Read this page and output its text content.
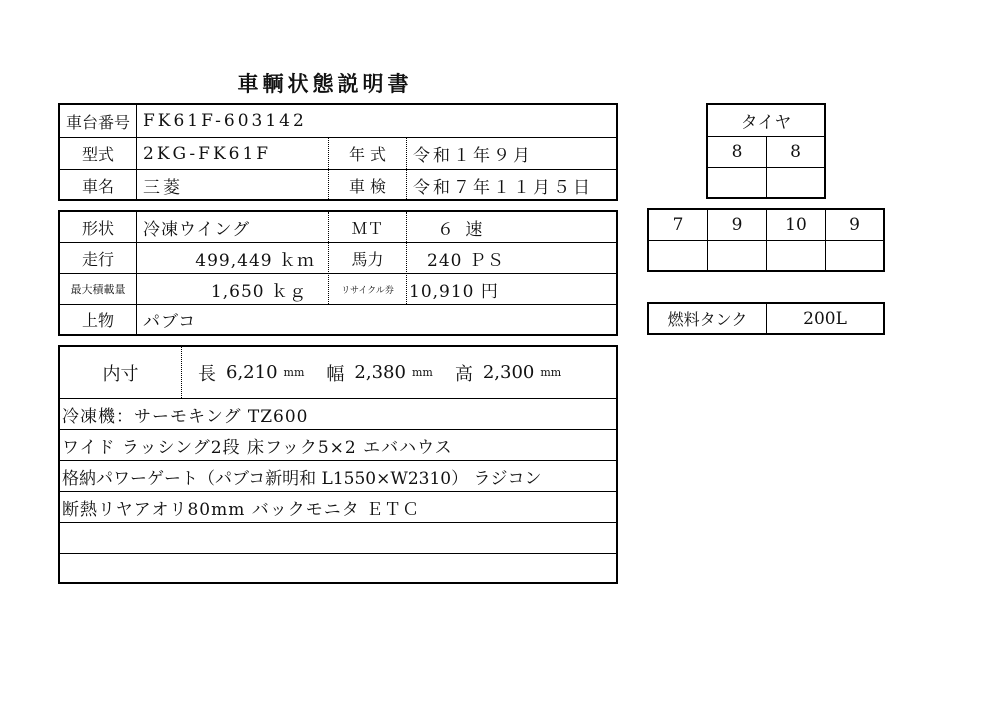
車輌状態説明書
車台番号 FK61F-603142
型式	2KG-FK61F	年 式	令和１年９月
車名	三菱	車 検	令和７年１１月５日
形状	冷凍ウイング	ＭＴ	６ 速
走行	499,449 ｋｍ	馬力	240 ＰＳ
最大積載量	1,650 ｋｇ	リサイクル券 10,910 円
上物	パブコ
内寸	長 6,210 mm 幅 2,380 mm 高 2,300 mm
冷凍機：サーモキング TZ600
ワイド ラッシング2段 床フック5×2 エバハウス
格納パワーゲート（パブコ新明和 L1550×W2310） ラジコン
断熱リヤアオリ80mm バックモニタ ＥＴＣ
タイヤ
8	8
7	9	10	9
燃料タンク	200L
